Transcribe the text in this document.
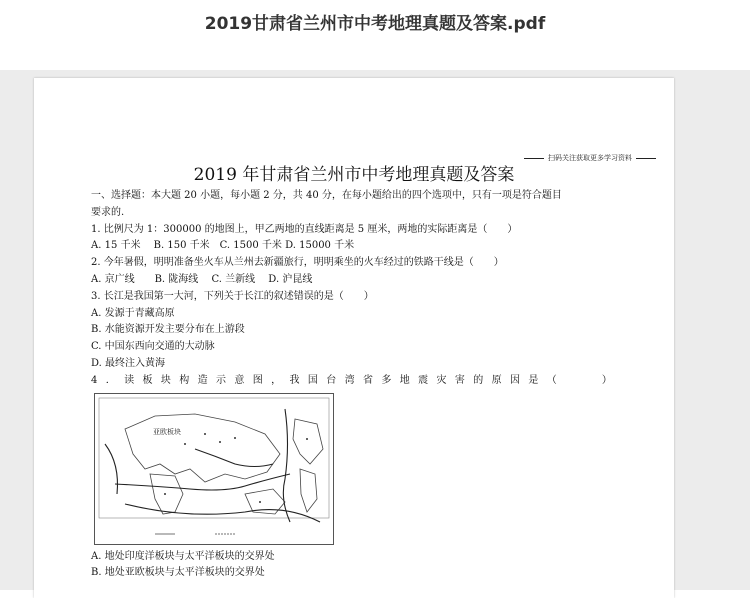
2019甘肃省兰州市中考地理真题及答案.pdf
扫码关注获取更多学习资料
2019 年甘肃省兰州市中考地理真题及答案
一、选择题：本大题 20 小题，每小题 2 分，共 40 分，在每小题给出的四个选项中，只有一项是符合题目
要求的.
1. 比例尺为 1：300000 的地图上，甲乙两地的直线距离是 5 厘米，两地的实际距离是（　　）
A. 15 千米　 B. 150 千米　C. 1500 千米 D. 15000 千米
2. 今年暑假，明明准备坐火车从兰州去新疆旅行，明明乘坐的火车经过的铁路干线是（　　）
A. 京广线　　B. 陇海线　 C. 兰新线　 D. 沪昆线
3. 长江是我国第一大河，下列关于长江的叙述错误的是（　　）
A. 发源于青藏高原
B. 水能资源开发主要分布在上游段
C. 中国东西向交通的大动脉
D. 最终注入黄海
4 ． 读 板 块 构 造 示 意 图 ， 我 国 台 湾 省 多 地 震 灾 害 的 原 因 是 （

　	）
亚欧板块
A. 地处印度洋板块与太平洋板块的交界处
B. 地处亚欧板块与太平洋板块的交界处
